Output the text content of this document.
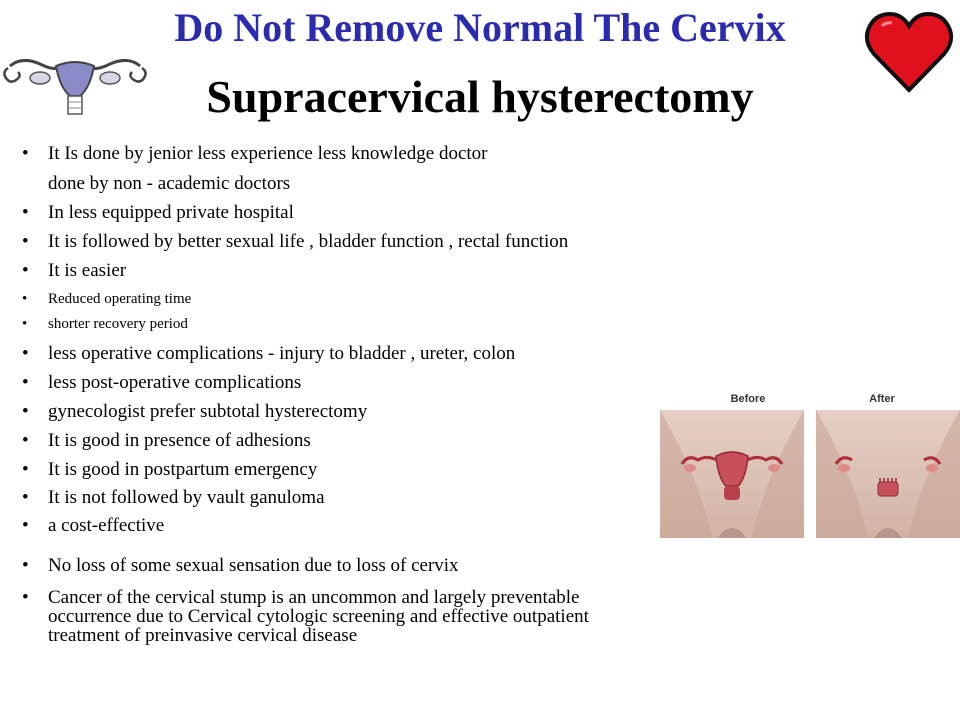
Do Not Remove Normal The Cervix
Supracervical hysterectomy
• It Is done by jenior less experience less knowledge doctor
done by non - academic doctors
• In less equipped private hospital
• It is followed by better sexual life , bladder function , rectal function
• It is easier
• Reduced operating time
• shorter recovery period
• less operative complications - injury to bladder , ureter, colon
• less post-operative complications
• gynecologist prefer subtotal hysterectomy
• It is good in presence of adhesions
• It is good in postpartum emergency
• It is not followed by vault ganuloma
• a cost-effective
• No loss of some sexual sensation due to loss of cervix
• Cancer of the cervical stump is an uncommon and largely preventable
occurrence due to Cervical cytologic screening and effective outpatient
treatment of preinvasive cervical disease
Before	After
